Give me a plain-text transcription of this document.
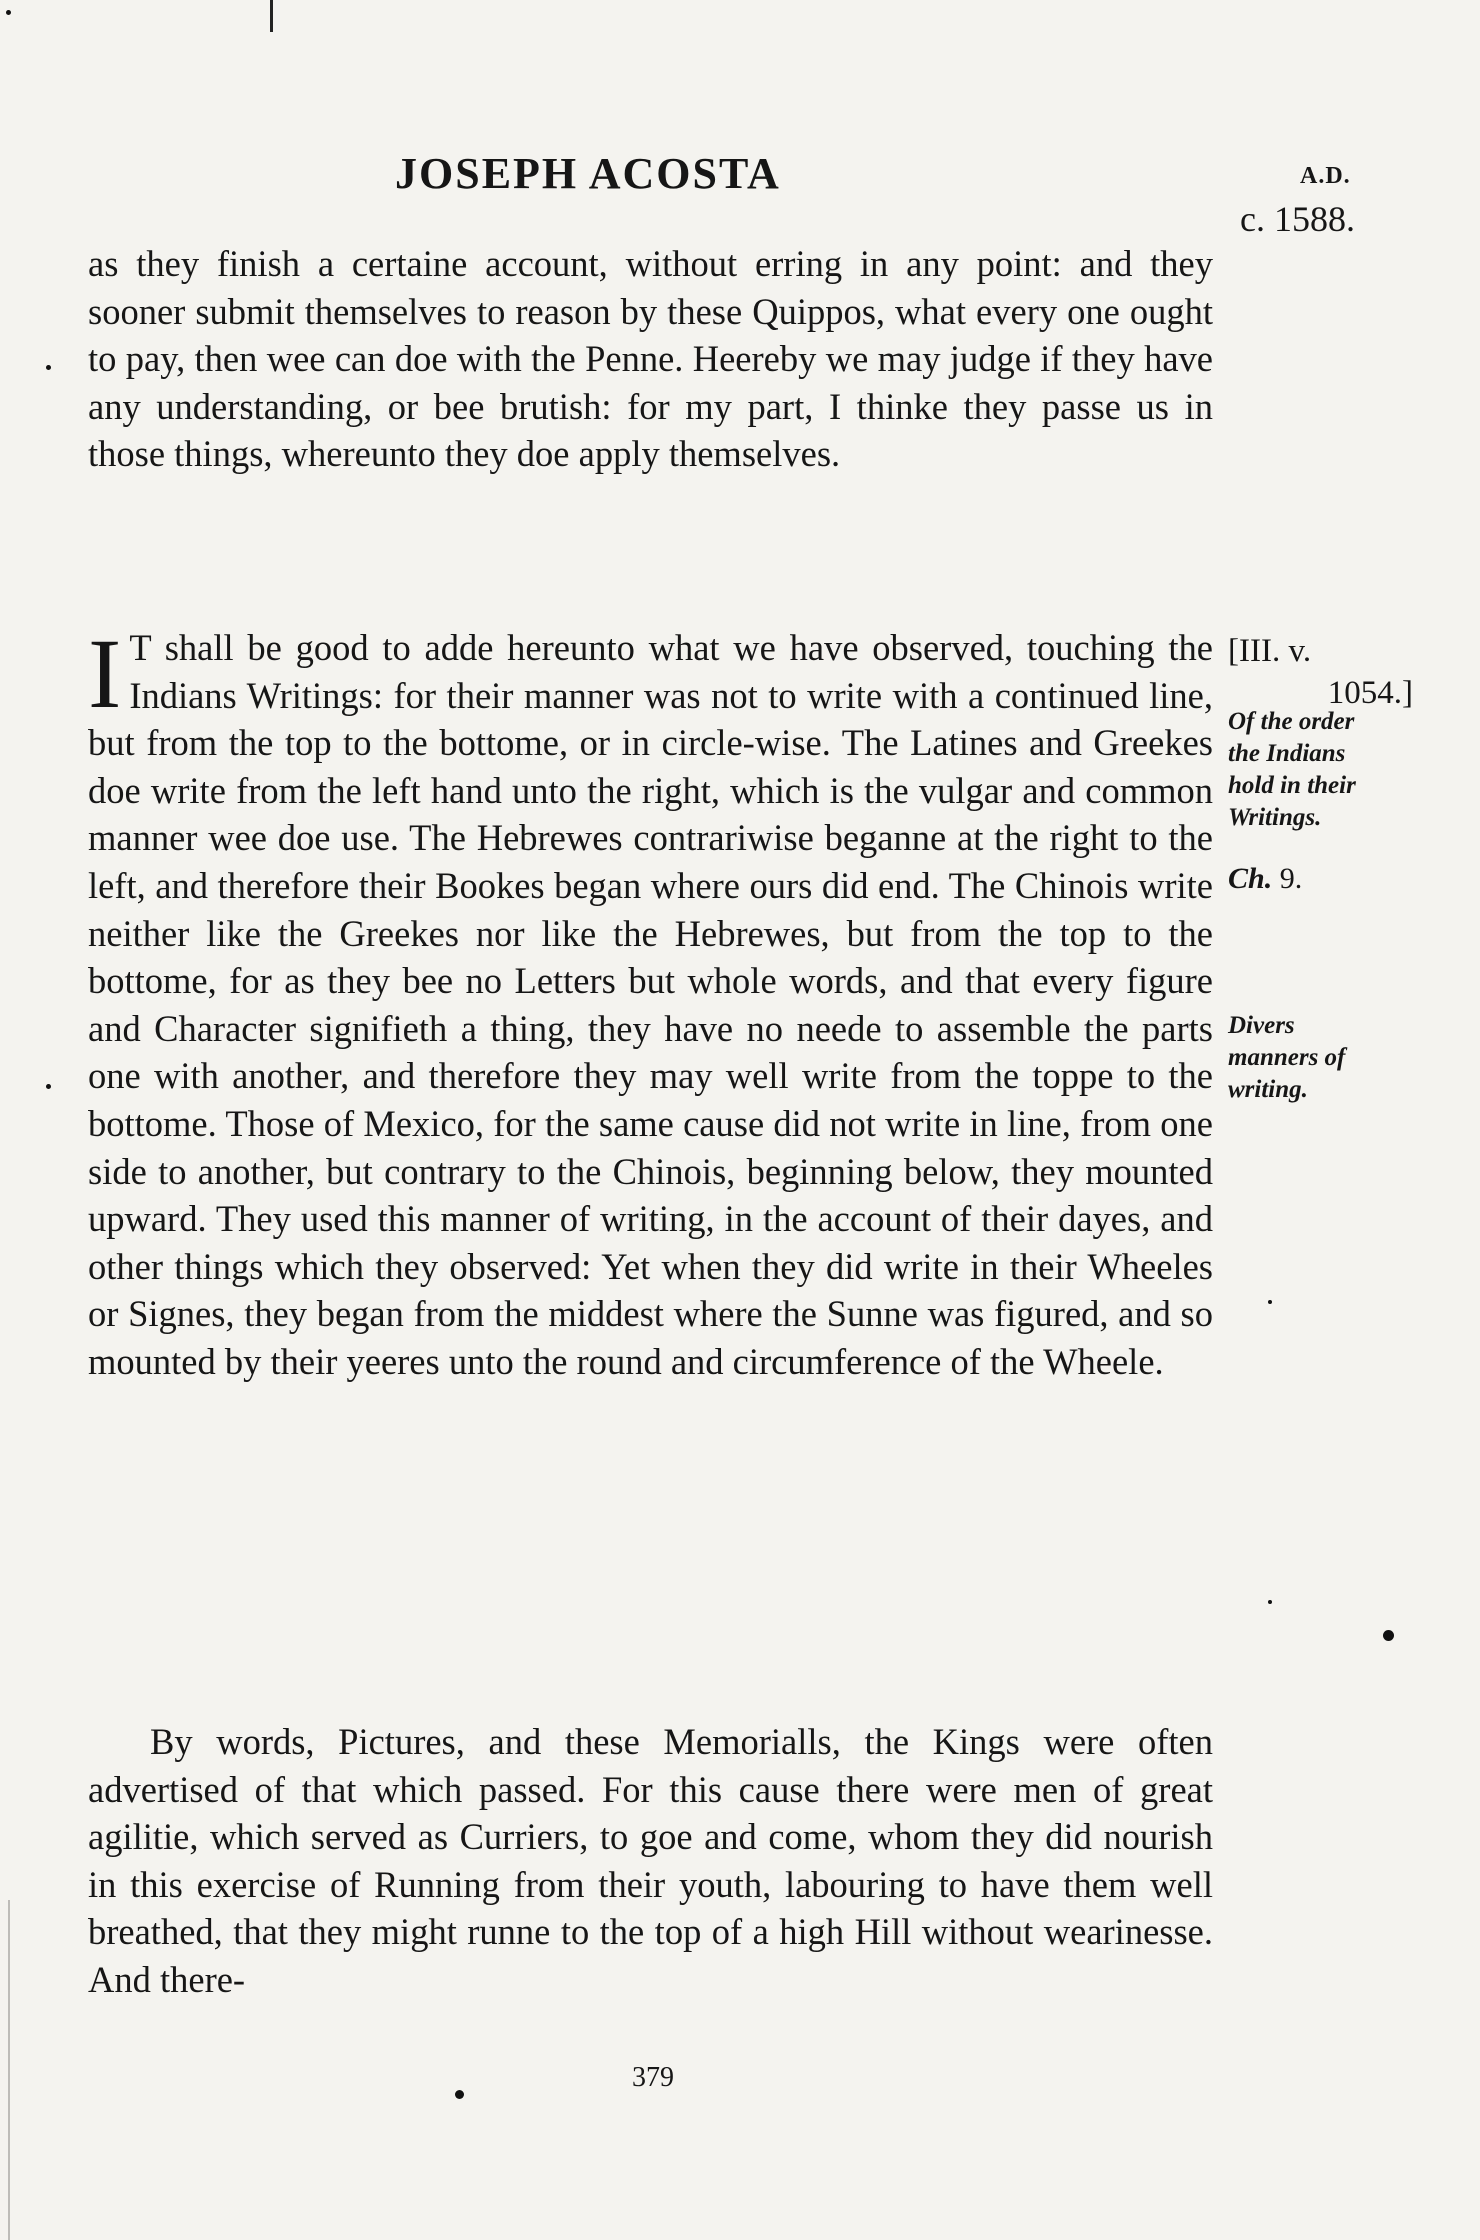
JOSEPH ACOSTA	A.D.
c. 1588.

as they finish a certaine account, without erring in any point: and they sooner submit themselves to reason by these Quippos, what every one ought to pay, then wee can doe with the Penne. Heereby we may judge if they have any understanding, or bee brutish: for my part, I thinke they passe us in those things, whereunto they doe apply themselves.

I T shall be good to adde hereunto what we have observed, touching the Indians Writings: for their manner was not to write with a continued line, but from the top to the bottome, or in circle-wise. The Latines and Greekes doe write from the left hand unto the right, which is the vulgar and common manner wee doe use. The Hebrewes contrariwise beganne at the right to the left, and therefore their Bookes began where ours did end. The Chinois write neither like the Greekes nor like the Hebrewes, but from the top to the bottome, for as they bee no Letters but whole words, and that every figure and Character signifieth a thing, they have no neede to assemble the parts one with another, and therefore they may well write from the toppe to the bottome. Those of Mexico, for the same cause did not write in line, from one side to another, but contrary to the Chinois, beginning below, they mounted upward. They used this manner of writing, in the account of their dayes, and other things which they observed: Yet when they did write in their Wheeles or Signes, they began from the middest where the Sunne was figured, and so mounted by their yeeres unto the round and circumference of the Wheele.

By words, Pictures, and these Memorialls, the Kings were often advertised of that which passed. For this cause there were men of great agilitie, which served as Curriers, to goe and come, whom they did nourish in this exercise of Running from their youth, labouring to have them well breathed, that they might runne to the top of a high Hill without wearinesse. And there-

[III. v.
1054.]
Of the order
the Indians
hold in their
Writings.
Ch. 9.
Divers
manners of
writing.
379
